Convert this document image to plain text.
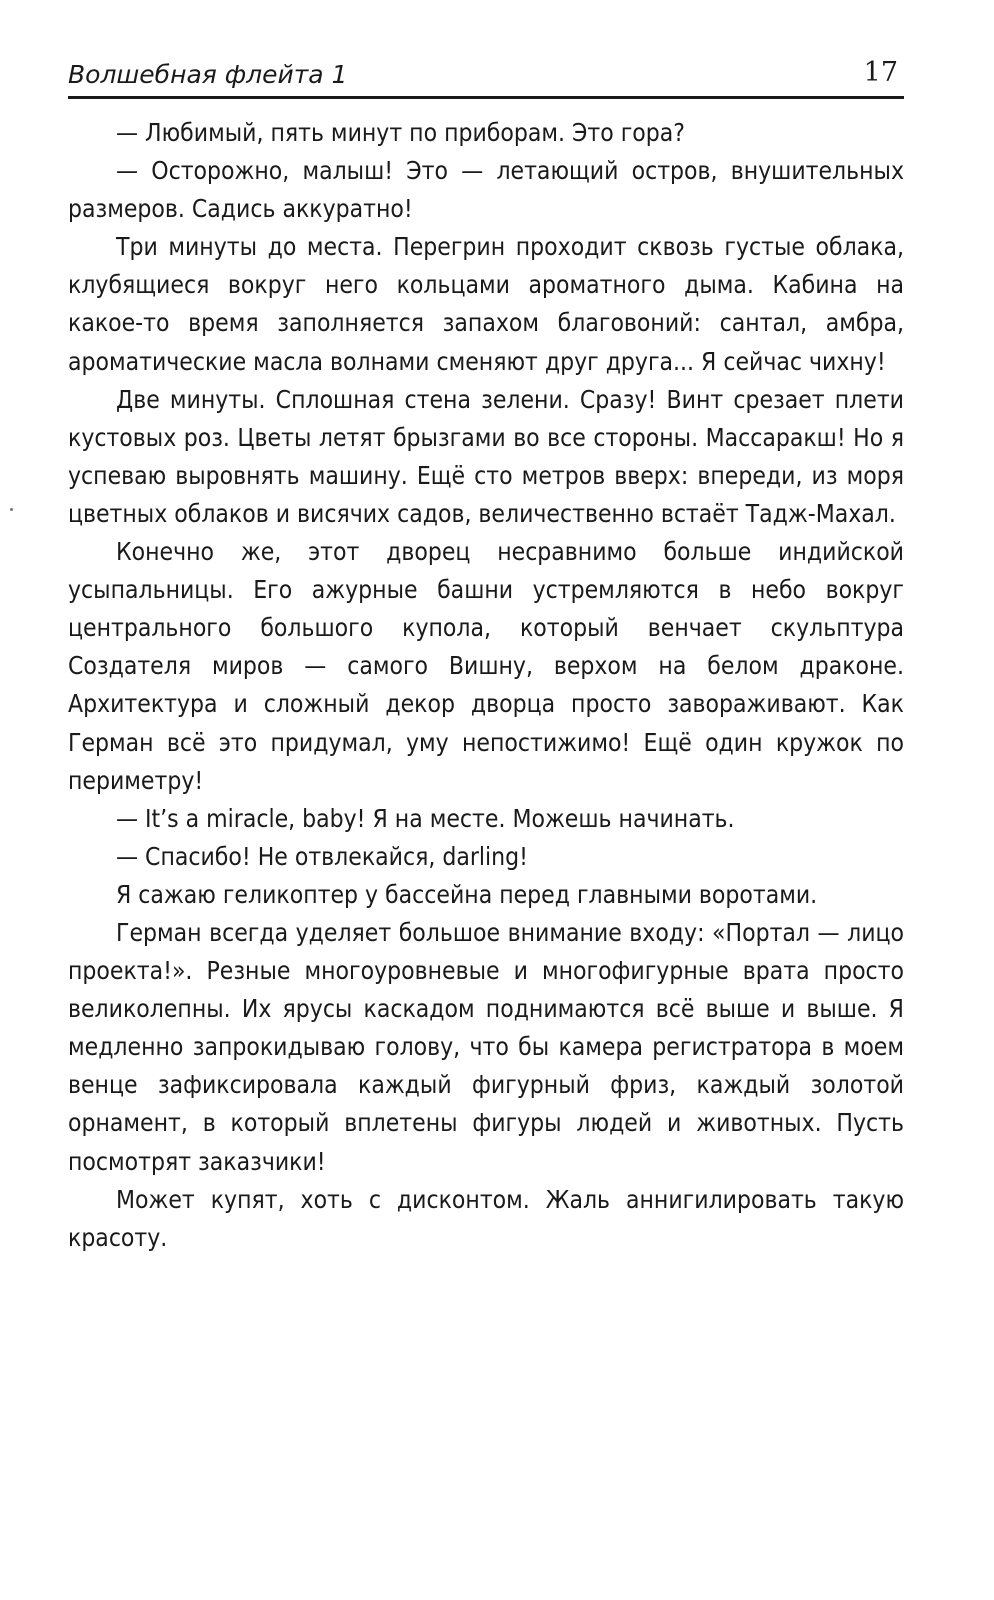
Волшебная флейта 1	17

— Любимый, пять минут по приборам. Это гора?

— Осторожно, малыш! Это — летающий остров, внушительных размеров. Садись аккуратно!

Три минуты до места. Перегрин проходит сквозь густые облака, клубящиеся вокруг него кольцами ароматного дыма. Кабина на какое-то время заполняется запахом благовоний: сантал, амбра, ароматические масла волнами сменяют друг друга... Я сейчас чихну!

Две минуты. Сплошная стена зелени. Сразу! Винт срезает плети кустовых роз. Цветы летят брызгами во все стороны. Массаракш! Но я успеваю выровнять машину. Ещё сто метров вверх: впереди, из моря цветных облаков и висячих садов, величественно встаёт Тадж-Махал.

Конечно же, этот дворец несравнимо больше индийской усыпальницы. Его ажурные башни устремляются в небо вокруг центрального большого купола, который венчает скульптура Создателя миров — самого Вишну, верхом на белом драконе. Архитектура и сложный декор дворца просто завораживают. Как Герман всё это придумал, уму непостижимо! Ещё один кружок по периметру!

— It’s a miracle, baby! Я на месте. Можешь начинать.

— Спасибо! Не отвлекайся, darling!

Я сажаю геликоптер у бассейна перед главными воротами.

Герман всегда уделяет большое внимание входу: «Портал — лицо проекта!». Резные многоуровневые и многофигурные врата просто великолепны. Их ярусы каскадом поднимаются всё выше и выше. Я медленно запрокидываю голову, что бы камера регистратора в моем венце зафиксировала каждый фигурный фриз, каждый золотой орнамент, в который вплетены фигуры людей и животных. Пусть посмотрят заказчики!

Может купят, хоть с дисконтом. Жаль аннигилировать такую красоту.
